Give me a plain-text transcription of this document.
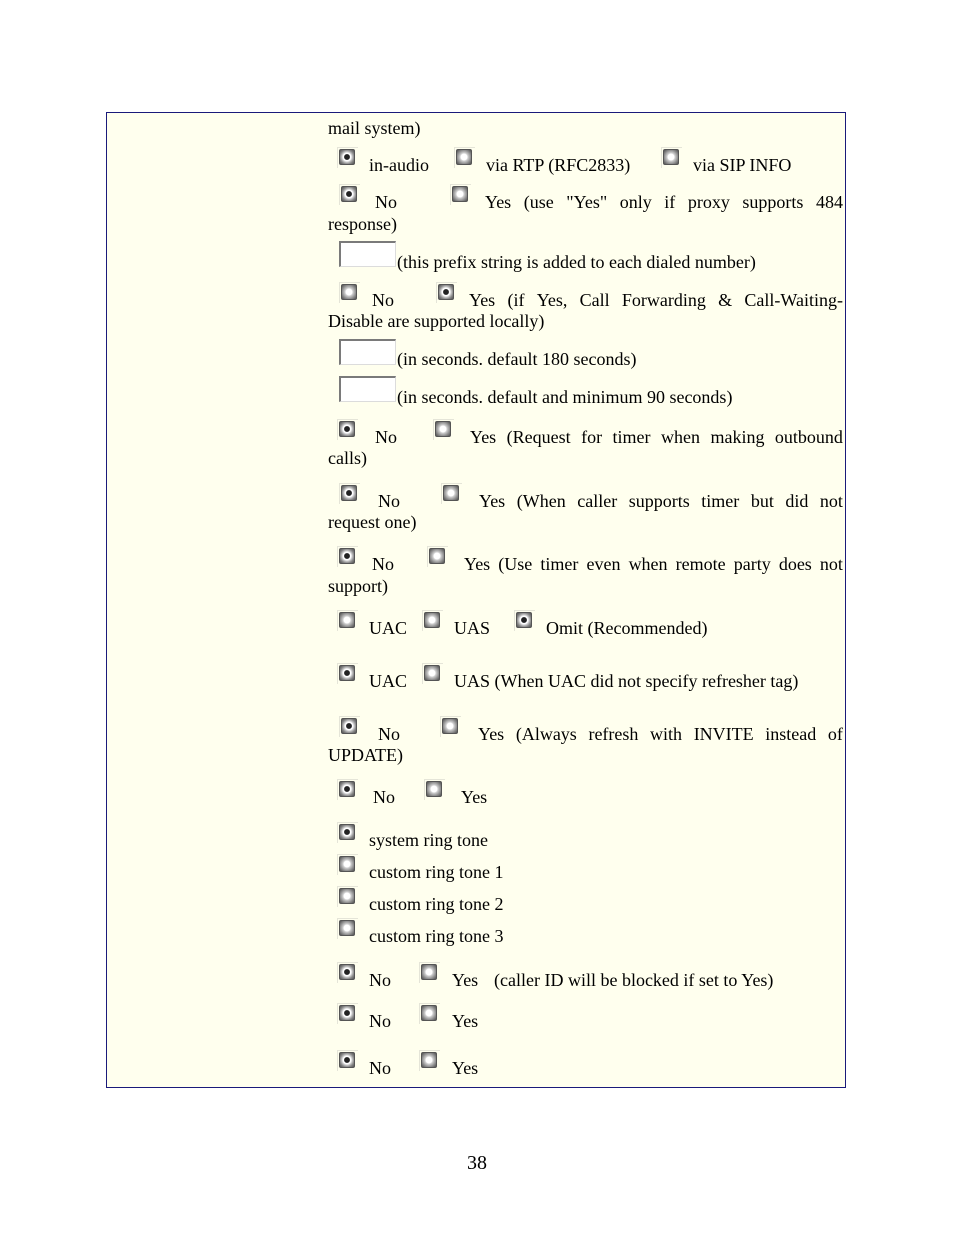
mail system)
in-audio	via RTP (RFC2833)	via SIP INFO
No	Yes (use "Yes" only if proxy supports 484
response)
(this prefix string is added to each dialed number)
No	Yes (if Yes, Call Forwarding & Call-Waiting-
Disable are supported locally)
(in seconds. default 180 seconds)
(in seconds. default and minimum 90 seconds)
No	Yes (Request for timer when making outbound
calls)
No	Yes (When caller supports timer but did not
request one)
No	Yes (Use timer even when remote party does not
support)
UAC	UAS	Omit (Recommended)
UAC	UAS (When UAC did not specify refresher tag)
No	Yes (Always refresh with INVITE instead of
UPDATE)
No	Yes
system ring tone
custom ring tone 1
custom ring tone 2
custom ring tone 3
No	Yes (caller ID will be blocked if set to Yes)
No	Yes
No	Yes
38
